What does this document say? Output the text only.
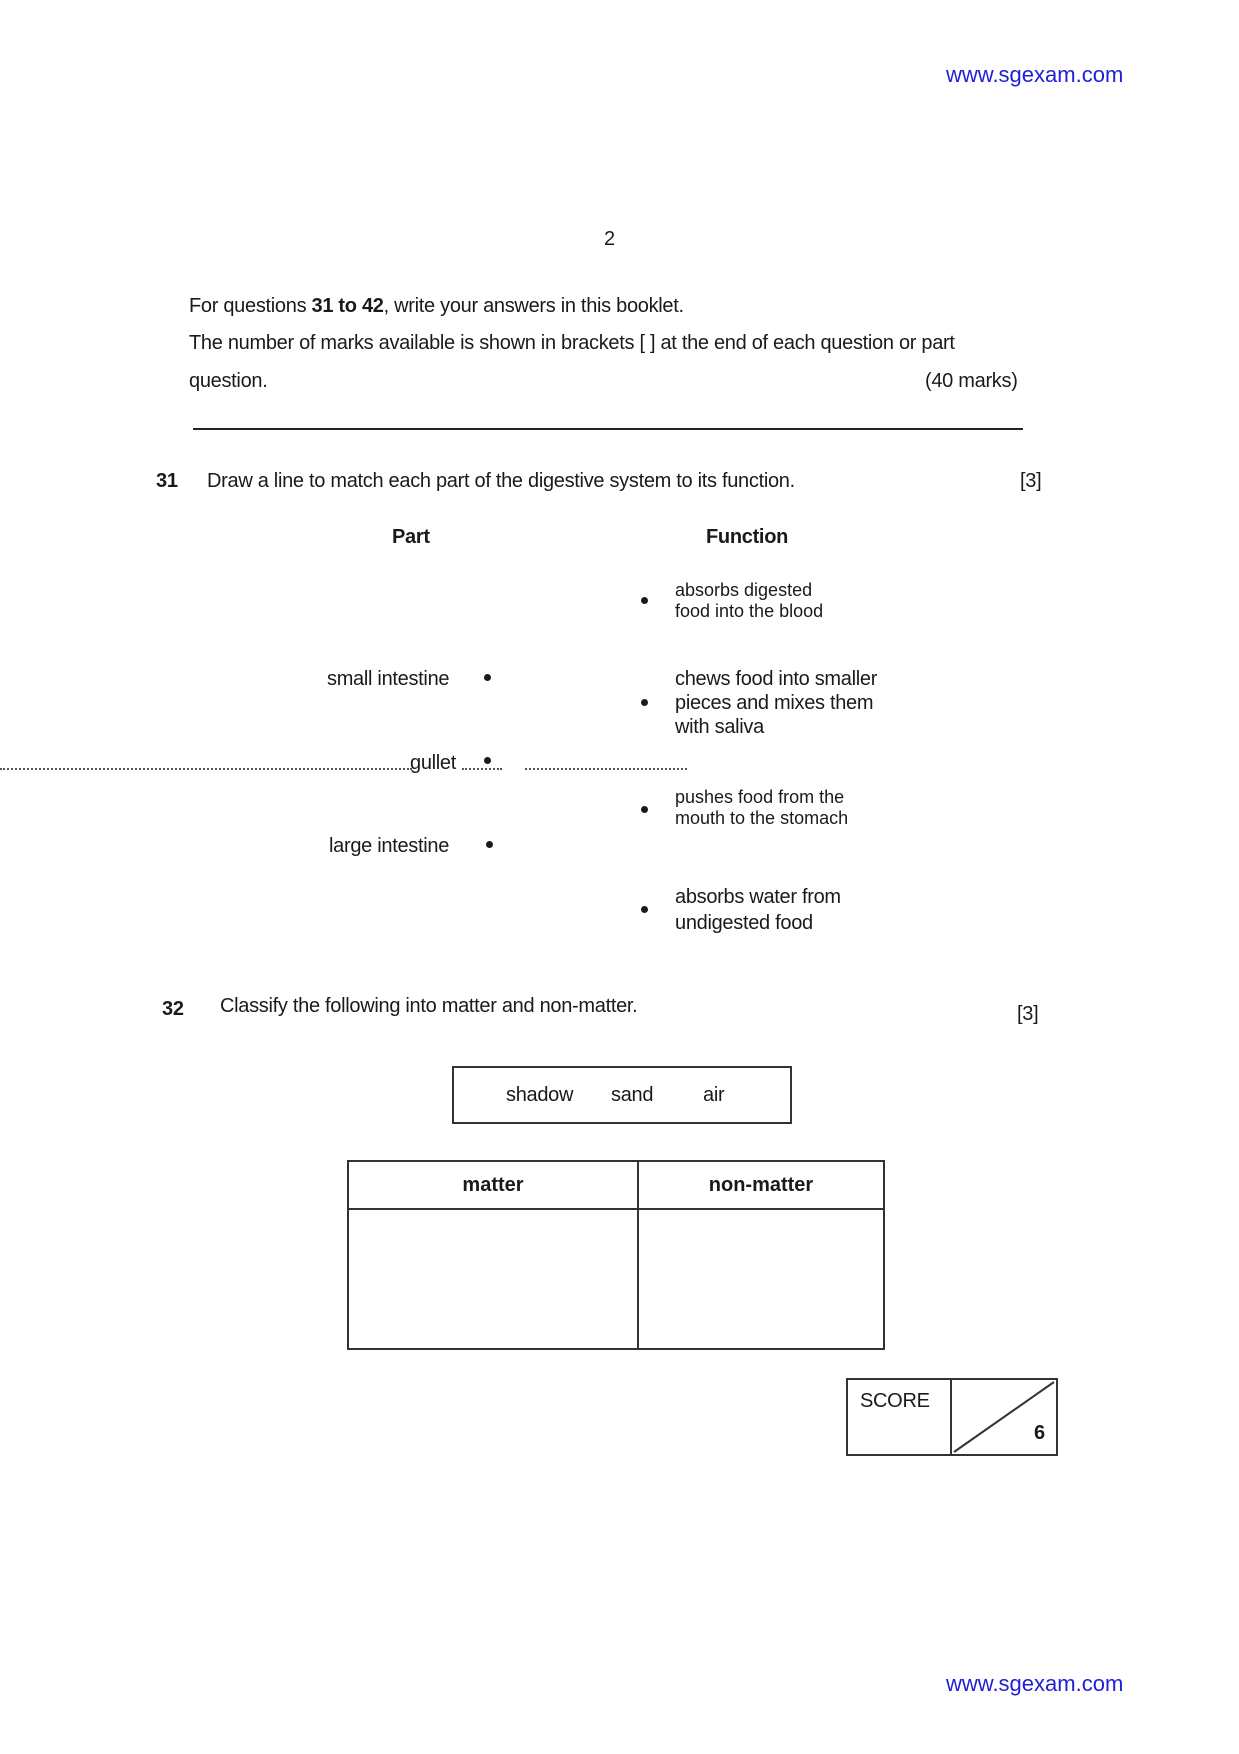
www.sgexam.com
2
For questions 31 to 42, write your answers in this booklet.
The number of marks available is shown in brackets [ ] at the end of each question or part
question.	(40 marks)
31 Draw a line to match each part of the digestive system to its function.	[3]
Part	Function
small intestine
gullet
large intestine
absorbs digested
food into the blood
chews food into smaller
pieces and mixes them
with saliva
pushes food from the
mouth to the stomach
absorbs water from
undigested food
32 Classify the following into matter and non-matter.	[3]
shadow sand air
matter	non-matter

SCORE
6
www.sgexam.com
